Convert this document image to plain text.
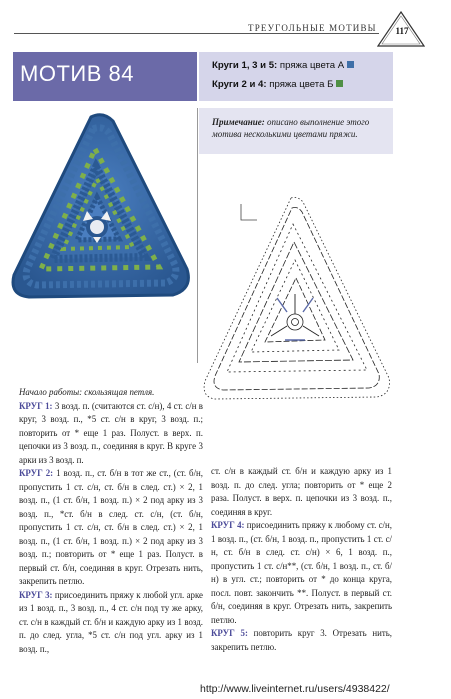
ТРЕУГОЛЬНЫЕ МОТИВЫ	117
МОТИВ 84	Круги 1, 3 и 5: пряжа цвета А
Круги 2 и 4: пряжа цвета Б
Примечание: описано выполнение этого мотива несколькими цветами пряжи.

Начало работы: скользящая петля.

КРУГ 1: 3 возд. п. (считаются ст. с/н), 4 ст. с/н в круг, 3 возд. п., *5 ст. с/н в круг, 3 возд. п.; повторить от * еще 1 раз. Полуст. в верх. п. цепочки из 3 возд. п., соединяя в круг. В круге 3 арки из 3 возд. п.

КРУГ 2: 1 возд. п., ст. б/н в тот же ст., (ст. б/н, пропустить 1 ст. с/н, ст. б/н в след. ст.) × 2, 1 возд. п., (1 ст. б/н, 1 возд. п.) × 2 под арку из 3 возд. п., *ст. б/н в след. ст. с/н, (ст. б/н, пропустить 1 ст. с/н, ст. б/н в след. ст.) × 2, 1 возд. п., (1 ст. б/н, 1 возд. п.) × 2 под арку из 3 возд. п.; повторить от * еще 1 раз. Полуст. в первый ст. б/н, соединяя в круг. Отрезать нить, закрепить петлю.

КРУГ 3: присоединить пряжу к любой угл. арке из 1 возд. п., 3 возд. п., 4 ст. с/н под ту же арку, ст. с/н в каждый ст. б/н и каждую арку из 1 возд. п. до след. угла, *5 ст. с/н под угл. арку из 1 возд. п.,

ст. с/н в каждый ст. б/н и каждую арку из 1 возд. п. до след. угла; повторить от * еще 2 раза. Полуст. в верх. п. цепочки из 3 возд. п., соединяя в круг.

КРУГ 4: присоединить пряжу к любому ст. с/н, 1 возд. п., (ст. б/н, 1 возд. п., пропустить 1 ст. с/н, ст. б/н в след. ст. с/н) × 6, 1 возд. п., пропустить 1 ст. с/н**, (ст. б/н, 1 возд. п., ст. б/н) в угл. ст.; повторить от * до конца круга, посл. повт. закончить **. Полуст. в первый ст. б/н, соединяя в круг. Отрезать нить, закрепить петлю.

КРУГ 5: повторить круг 3. Отрезать нить, закрепить петлю.

http://www.liveinternet.ru/users/4938422/
